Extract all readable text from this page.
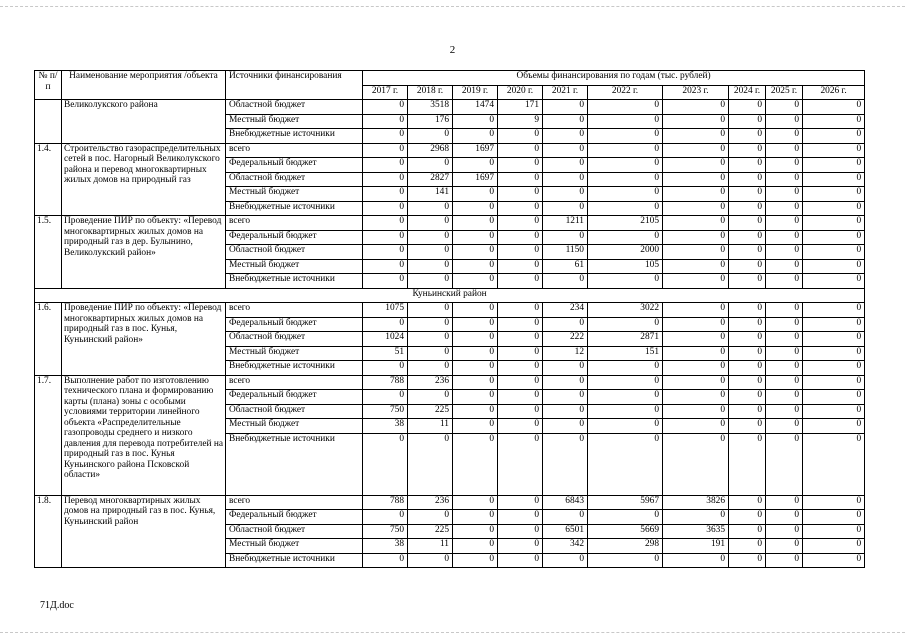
2
№ п/п	Наименование мероприятия /объекта	Источники финансирования	Объемы финансирования по годам (тыс. рублей)									
			2017 г.	2018 г.	2019 г.	2020 г.	2021 г.	2022 г.	2023 г.	2024 г.	2025 г.	2026 г.
	Великолукского района	Областной бюджет	0	3518	1474	171	0	0	0	0	0	0
		Местный бюджет	0	176	0	9	0	0	0	0	0	0
		Внебюджетные источники	0	0	0	0	0	0	0	0	0	0
1.4.	Строительство газораспределительных сетей в пос. Нагорный Великолукского района и перевод многоквартирных жилых домов на природный газ	всего	0	2968	1697	0	0	0	0	0	0	0
		Федеральный бюджет	0	0	0	0	0	0	0	0	0	0
		Областной бюджет	0	2827	1697	0	0	0	0	0	0	0
		Местный бюджет	0	141	0	0	0	0	0	0	0	0
		Внебюджетные источники	0	0	0	0	0	0	0	0	0	0
1.5.	Проведение ПИР по объекту: «Перевод многоквартирных жилых домов на природный газ в дер. Булынино, Великолукский район»	всего	0	0	0	0	1211	2105	0	0	0	0
		Федеральный бюджет	0	0	0	0	0	0	0	0	0	0
		Областной бюджет	0	0	0	0	1150	2000	0	0	0	0
		Местный бюджет	0	0	0	0	61	105	0	0	0	0
		Внебюджетные источники	0	0	0	0	0	0	0	0	0	0
Куньинский район												
1.6.	Проведение ПИР по объекту: «Перевод многоквартирных жилых домов на природный газ в пос. Кунья, Куньинский район»	всего	1075	0	0	0	234	3022	0	0	0	0
		Федеральный бюджет	0	0	0	0	0	0	0	0	0	0
		Областной бюджет	1024	0	0	0	222	2871	0	0	0	0
		Местный бюджет	51	0	0	0	12	151	0	0	0	0
		Внебюджетные источники	0	0	0	0	0	0	0	0	0	0
1.7.	Выполнение работ по изготовлению технического плана и формированию карты (плана) зоны с особыми условиями территории линейного объекта «Распределительные газопроводы среднего и низкого давления для перевода потребителей на природный газ в пос. Кунья Куньинского района Псковской области»	всего	788	236	0	0	0	0	0	0	0	0
		Федеральный бюджет	0	0	0	0	0	0	0	0	0	0
		Областной бюджет	750	225	0	0	0	0	0	0	0	0
		Местный бюджет	38	11	0	0	0	0	0	0	0	0
		Внебюджетные источники	0	0	0	0	0	0	0	0	0	0
1.8.	Перевод многоквартирных жилых домов на природный газ в пос. Кунья, Куньинский район	всего	788	236	0	0	6843	5967	3826	0	0	0
		Федеральный бюджет	0	0	0	0	0	0	0	0	0	0
		Областной бюджет	750	225	0	0	6501	5669	3635	0	0	0
		Местный бюджет	38	11	0	0	342	298	191	0	0	0
		Внебюджетные источники	0	0	0	0	0	0	0	0	0	0
71Д.doc
